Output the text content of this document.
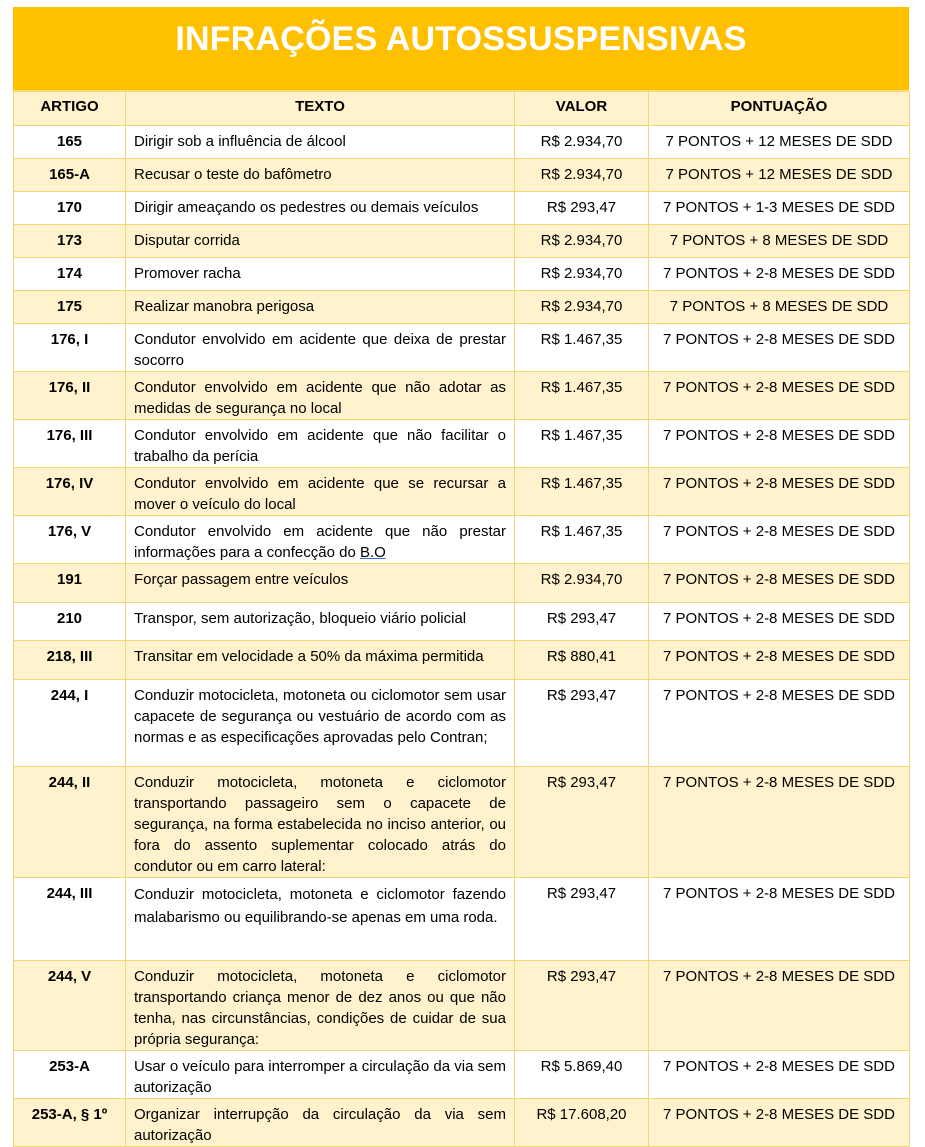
INFRAÇÕES AUTOSSUSPENSIVAS
ARTIGO	TEXTO	VALOR	PONTUAÇÃO
165	Dirigir sob a influência de álcool	R$ 2.934,70	7 PONTOS + 12 MESES DE SDD
165-A	Recusar o teste do bafômetro	R$ 2.934,70	7 PONTOS + 12 MESES DE SDD
170	Dirigir ameaçando os pedestres ou demais veículos	R$ 293,47	7 PONTOS + 1-3 MESES DE SDD
173	Disputar corrida	R$ 2.934,70	7 PONTOS + 8 MESES DE SDD
174	Promover racha	R$ 2.934,70	7 PONTOS + 2-8 MESES DE SDD
175	Realizar manobra perigosa	R$ 2.934,70	7 PONTOS + 8 MESES DE SDD
176, I	Condutor envolvido em acidente que deixa de prestar socorro	R$ 1.467,35	7 PONTOS + 2-8 MESES DE SDD
176, II	Condutor envolvido em acidente que não adotar as medidas de segurança no local	R$ 1.467,35	7 PONTOS + 2-8 MESES DE SDD
176, III	Condutor envolvido em acidente que não facilitar o trabalho da perícia	R$ 1.467,35	7 PONTOS + 2-8 MESES DE SDD
176, IV	Condutor envolvido em acidente que se recursar a mover o veículo do local	R$ 1.467,35	7 PONTOS + 2-8 MESES DE SDD
176, V	Condutor envolvido em acidente que não prestar informações para a confecção do B.O	R$ 1.467,35	7 PONTOS + 2-8 MESES DE SDD
191	Forçar passagem entre veículos	R$ 2.934,70	7 PONTOS + 2-8 MESES DE SDD
210	Transpor, sem autorização, bloqueio viário policial	R$ 293,47	7 PONTOS + 2-8 MESES DE SDD
218, III	Transitar em velocidade a 50% da máxima permitida	R$ 880,41	7 PONTOS + 2-8 MESES DE SDD
244, I	Conduzir motocicleta, motoneta ou ciclomotor sem usar capacete de segurança ou vestuário de acordo com as normas e as especificações aprovadas pelo Contran;	R$ 293,47	7 PONTOS + 2-8 MESES DE SDD
244, II	Conduzir motocicleta, motoneta e ciclomotor transportando passageiro sem o capacete de segurança, na forma estabelecida no inciso anterior, ou fora do assento suplementar colocado atrás do condutor ou em carro lateral:	R$ 293,47	7 PONTOS + 2-8 MESES DE SDD
244, III	Conduzir motocicleta, motoneta e ciclomotor fazendo malabarismo ou equilibrando-se apenas em uma roda.	R$ 293,47	7 PONTOS + 2-8 MESES DE SDD
244, V	Conduzir motocicleta, motoneta e ciclomotor transportando criança menor de dez anos ou que não tenha, nas circunstâncias, condições de cuidar de sua própria segurança:	R$ 293,47	7 PONTOS + 2-8 MESES DE SDD
253-A	Usar o veículo para interromper a circulação da via sem autorização	R$ 5.869,40	7 PONTOS + 2-8 MESES DE SDD
253-A, § 1º	Organizar interrupção da circulação da via sem autorização	R$ 17.608,20	7 PONTOS + 2-8 MESES DE SDD
